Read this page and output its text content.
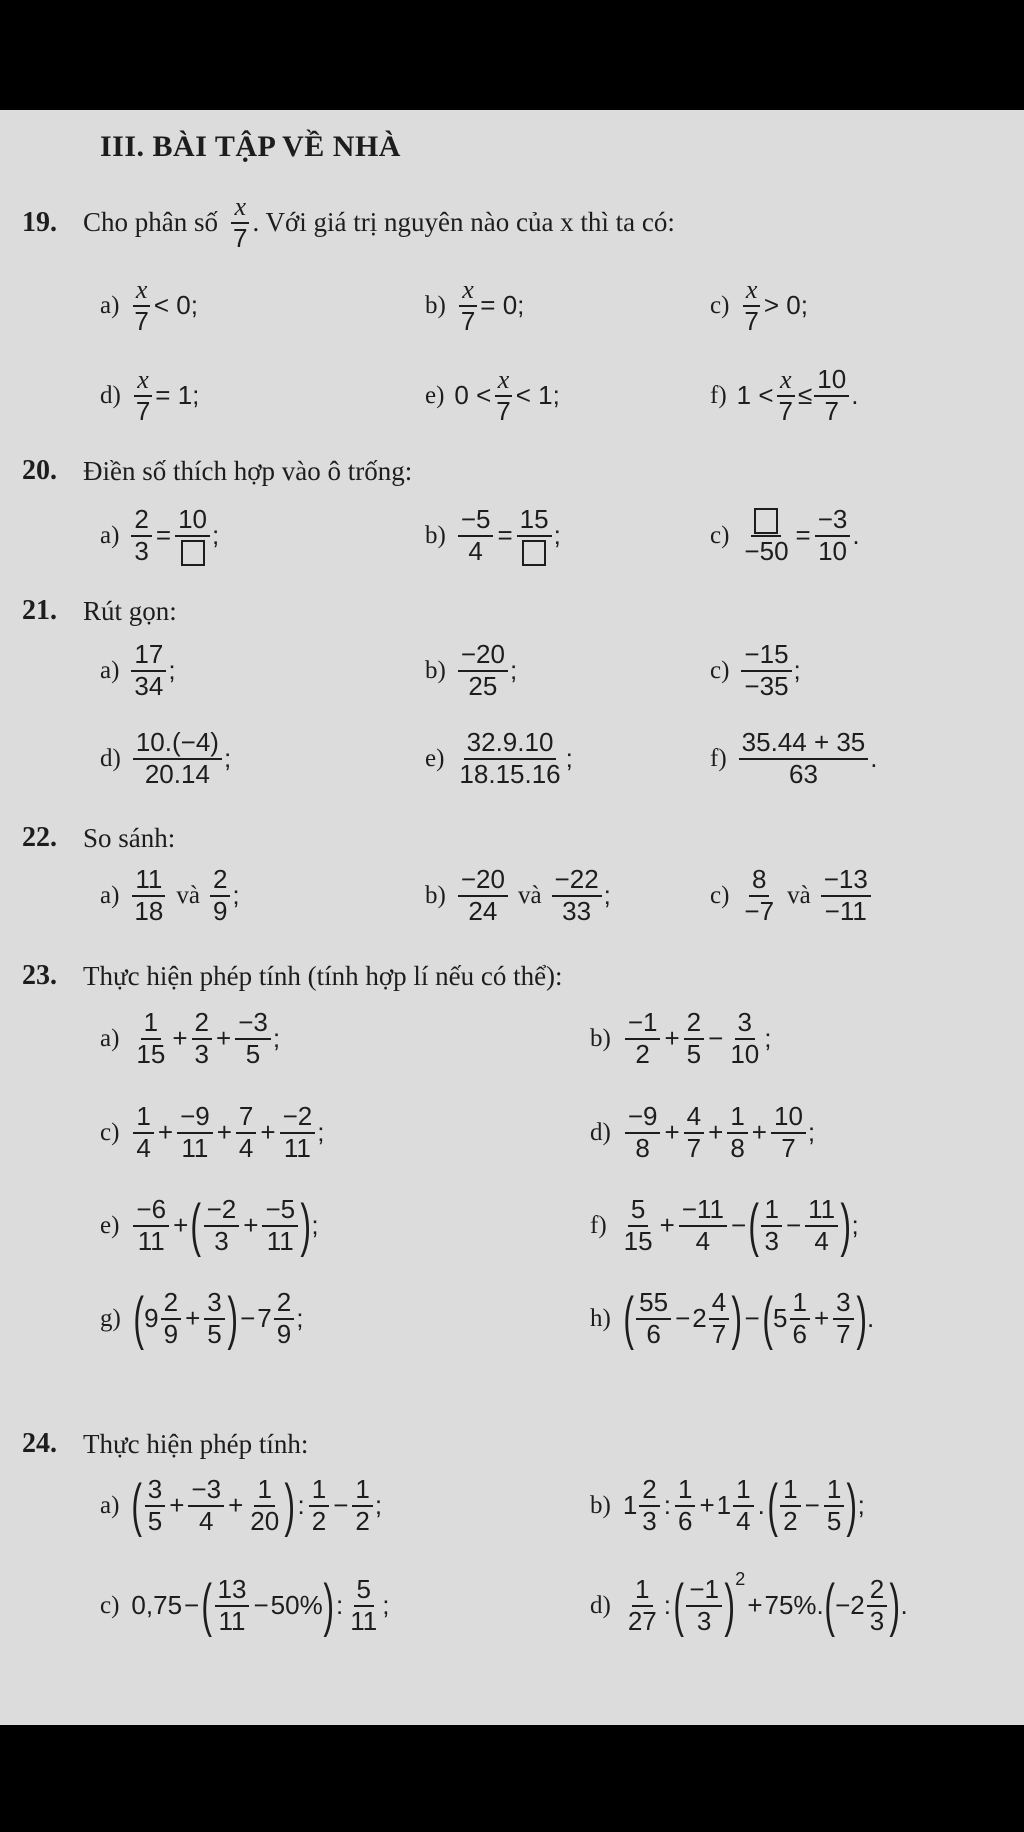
III. BÀI TẬP VỀ NHÀ
19. Cho phân số
x
7
. Với giá trị nguyên nào của x thì ta có:
a)
x
7
< 0;	$b) \frac{x}{7} = 0$;	c)
x
7
> 0;
$d) \frac{x}{7} = 1$;	e) 0 <
x
7
< 1;	f) $1 < \frac{x}{7} \le \frac{10}{7}$ .
20. Điền số thích hợp vào ô trống:
$a) \frac{2}{3}$ =
10
;	$b) \frac{-5}{4}$ =
15
;	c)
−50
= $\frac{-3}{10}$ .
21. Rút gọn:
a)
17
34
;	b)
−20
25
;	c)
−15
−35
;
d)
10.(−4)
20.14
;	e)
32.9.10
18.15.16
;	f)
35.44 + 35
63
.
22. So sánh:
a)
11
18
và
2
9
;	b)
−20
24
và
−22
33
;	c)
8
−7
và
−13
−11
23. Thực hiện phép tính (tính hợp lí nếu có thể):
a)
1
15
+ $\frac{2}{3} + \frac{-3}{5}$ ;	b)
−1
2
+ $\frac{2}{5} - \frac{3}{10}$ ;
c)
1
4
+ $\frac{-9}{11} + \frac{7}{4} + \frac{-2}{11}$ ;	d)
−9
8
+ $\frac{4}{7} + \frac{1}{8} + \frac{10}{7}$ ;
e)
−6
11
+ ( −2
3
+ $\frac{-5}{11}$ ) ;	f)
5
15
+ $\frac{-11}{4}$ − ( 1
3
− $\frac{11}{4}$ ) ;
g) ( 9
2
9
+ $\frac{3}{5}$ ) − 7
2
9
;	h) ( 55
6
− 2
4
7 ) − ( 5
1
6
+ $\frac{3}{7}$ ) .
24. Thực hiện phép tính:
a) ( 3
5
+ $\frac{-3}{4} + \frac{1}{20}$ ) :
1
2
− $\frac{1}{2}$ ;	b) 1
2
3
:
1
6
+ 1
1
4
. ( 1
2
− $\frac{1}{5}$ ) ;
c) 0,75 − ( 13
11
− 50% ) :
5
11
;	d)
1
27
: ( −1
3 ) 2
+ 75%. ( −2
2
3 ) .
